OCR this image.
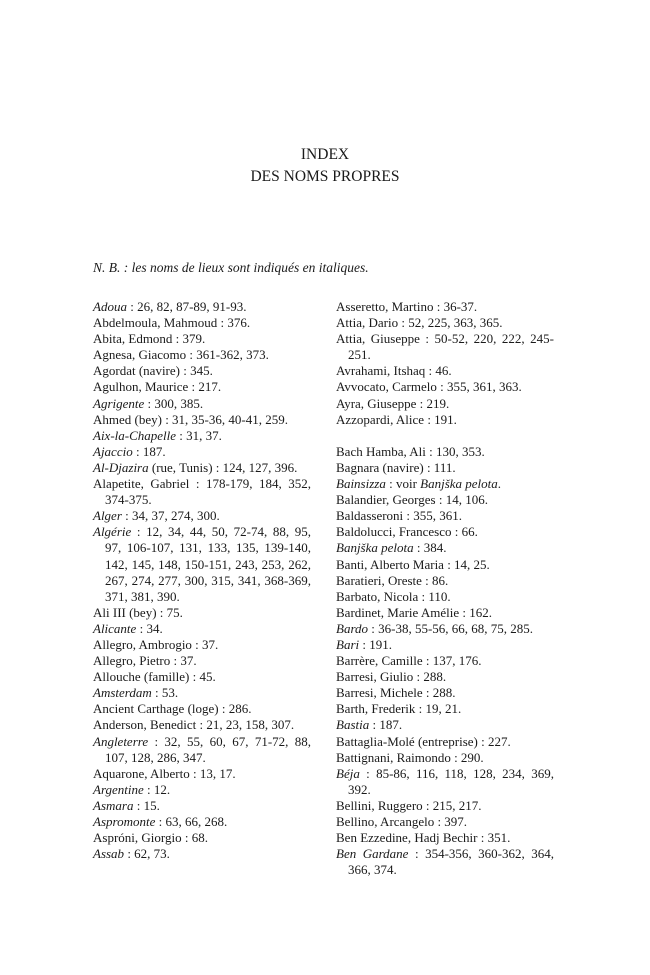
INDEX
DES NOMS PROPRES
N. B. : les noms de lieux sont indiqués en italiques.
Adoua : 26, 82, 87-89, 91-93.
Abdelmoula, Mahmoud : 376.
Abita, Edmond : 379.
Agnesa, Giacomo : 361-362, 373.
Agordat (navire) : 345.
Agulhon, Maurice : 217.
Agrigente : 300, 385.
Ahmed (bey) : 31, 35-36, 40-41, 259.
Aix-la-Chapelle : 31, 37.
Ajaccio : 187.
Al-Djazira (rue, Tunis) : 124, 127, 396.
Alapetite, Gabriel : 178-179, 184, 352, 374-375.
Alger : 34, 37, 274, 300.
Algérie : 12, 34, 44, 50, 72-74, 88, 95, 97, 106-107, 131, 133, 135, 139-140, 142, 145, 148, 150-151, 243, 253, 262, 267, 274, 277, 300, 315, 341, 368-369, 371, 381, 390.
Ali III (bey) : 75.
Alicante : 34.
Allegro, Ambrogio : 37.
Allegro, Pietro : 37.
Allouche (famille) : 45.
Amsterdam : 53.
Ancient Carthage (loge) : 286.
Anderson, Benedict : 21, 23, 158, 307.
Angleterre : 32, 55, 60, 67, 71-72, 88, 107, 128, 286, 347.
Aquarone, Alberto : 13, 17.
Argentine : 12.
Asmara : 15.
Aspromonte : 63, 66, 268.
Aspróni, Giorgio : 68.
Assab : 62, 73.
Asseretto, Martino : 36-37.
Attia, Dario : 52, 225, 363, 365.
Attia, Giuseppe : 50-52, 220, 222, 245-251.
Avrahami, Itshaq : 46.
Avvocato, Carmelo : 355, 361, 363.
Ayra, Giuseppe : 219.
Azzopardi, Alice : 191.
Bach Hamba, Ali : 130, 353.
Bagnara (navire) : 111.
Bainsizza : voir Banjška pelota.
Balandier, Georges : 14, 106.
Baldasseroni : 355, 361.
Baldolucci, Francesco : 66.
Banjška pelota : 384.
Banti, Alberto Maria : 14, 25.
Baratieri, Oreste : 86.
Barbato, Nicola : 110.
Bardinet, Marie Amélie : 162.
Bardo : 36-38, 55-56, 66, 68, 75, 285.
Bari : 191.
Barrère, Camille : 137, 176.
Barresi, Giulio : 288.
Barresi, Michele : 288.
Barth, Frederik : 19, 21.
Bastia : 187.
Battaglia-Molé (entreprise) : 227.
Battignani, Raimondo : 290.
Béja : 85-86, 116, 118, 128, 234, 369, 392.
Bellini, Ruggero : 215, 217.
Bellino, Arcangelo : 397.
Ben Ezzedine, Hadj Bechir : 351.
Ben Gardane : 354-356, 360-362, 364, 366, 374.
